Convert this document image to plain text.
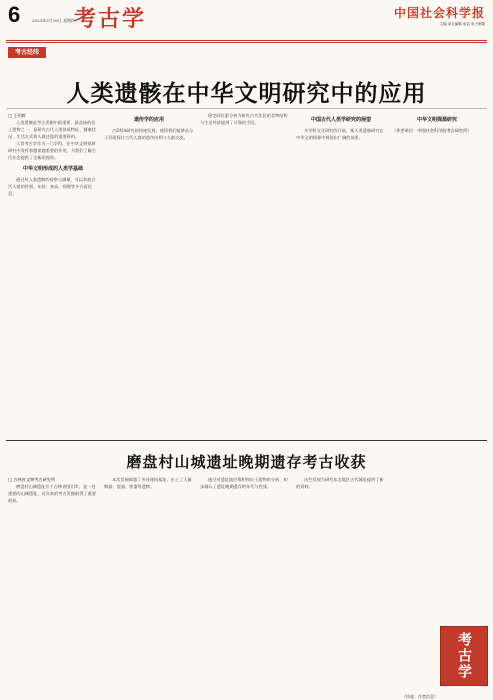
6	2023年3月16日 星期四
考古学	中国社会科学报
主编 项目编辑 电话 电子邮箱
考古经纬
人类遗骸在中华文明研究中的应用

□ 王明辉

人类遗骸是考古发掘中最重要、最直接的出土遗物之一，是研究古代人类体质特征、健康状况、生活方式和人群迁徙的重要资料。

人骨考古学作为一门学科，在中华文明探源研究中发挥着越来越重要的作用，为我们了解古代社会提供了全新的视角。

中华文明形成的人类学基础

通过对人类遗骸的观察与测量，可以获取古代人群的性别、年龄、身高、病理等多方面信息。

遗传学的应用

古DNA研究的快速发展，使得我们能够从分子层面探讨古代人群的遗传结构与人群交流。

稳定同位素分析为研究古代先民的食物结构与生业经济提供了可靠的手段。	中国古代人类学研究的展望

多学科交叉研究的开展，使人类遗骸研究在中华文明探源中展现出广阔的前景。

中华文明探源研究

（作者单位：中国社会科学院考古研究所）

磨盘村山城遗址晚期遗存考古收获

□ 吉林省文物考古研究所

磨盘村山城遗址位于吉林省图们市，是一处重要的山城遗址，近年来的考古发掘取得了重要收获。

本次发掘揭露了多处建筑基址，出土了大量陶器、瓷器、铁器等遗物。

通过对遗址地层堆积和出土遗物的分析，初步确认了遗址晚期遗存的年代与性质。

这些发现为研究东北地区古代城址提供了新的资料。

考古学
（执笔：作者信息）
